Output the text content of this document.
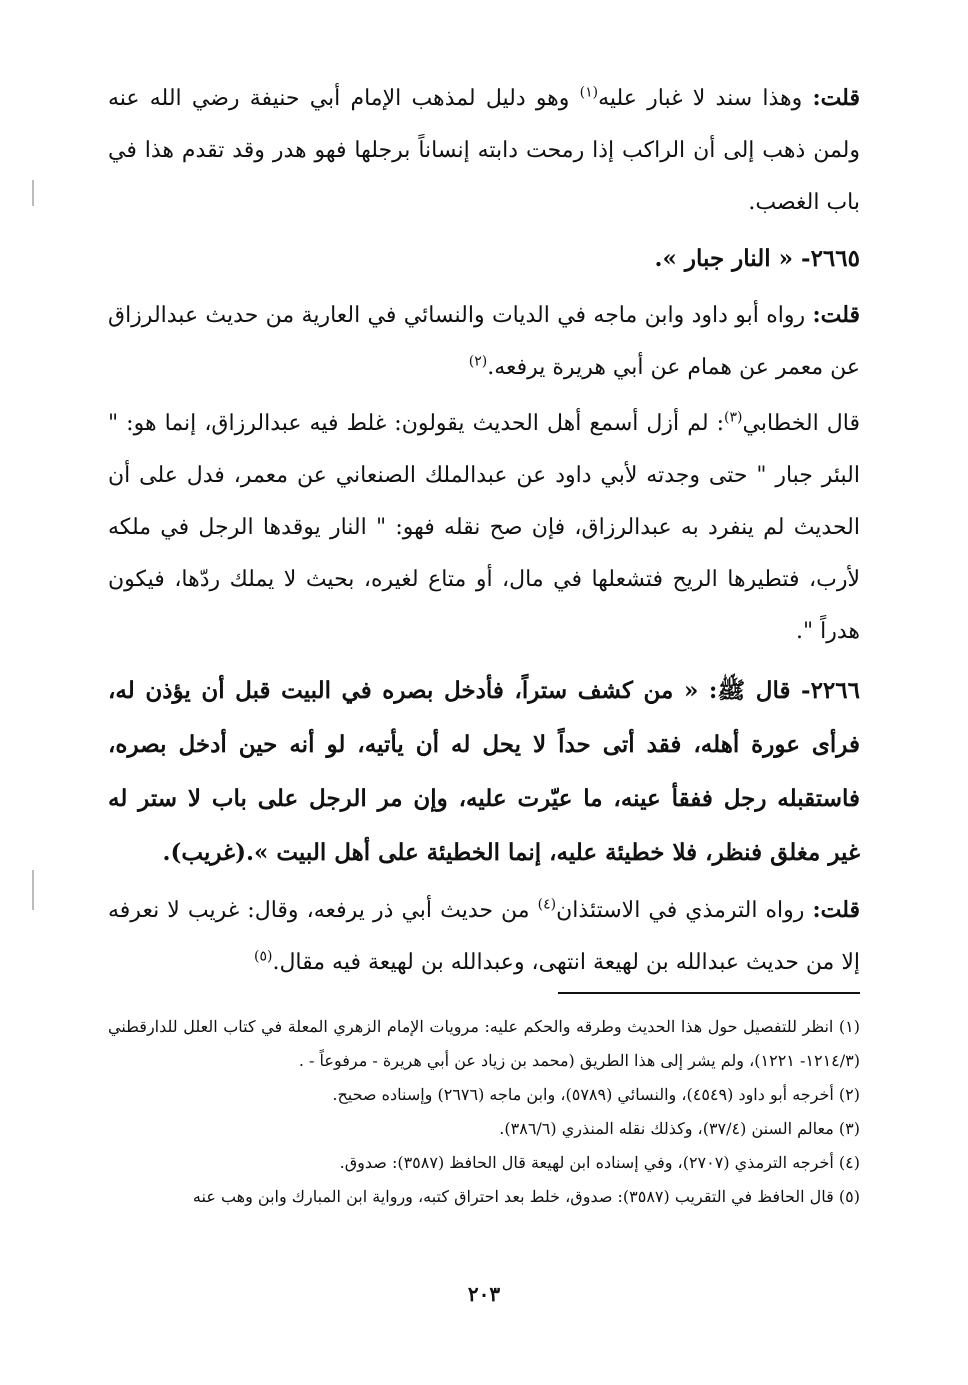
قلت: وهذا سند لا غبار عليه$^{(١)}$ وهو دليل لمذهب الإمام أبي حنيفة رضي الله عنه ولمن ذهب إلى أن الراكب إذا رمحت دابته إنساناً برجلها فهو هدر وقد تقدم هذا في باب الغصب.

٢٦٦٥- « النار جبار ».

قلت: رواه أبو داود وابن ماجه في الديات والنسائي في العارية من حديث عبدالرزاق عن معمر عن همام عن أبي هريرة يرفعه.$^{(٢)}$

قال الخطابي$^{(٣)}$: لم أزل أسمع أهل الحديث يقولون: غلط فيه عبدالرزاق، إنما هو: " البئر جبار " حتى وجدته لأبي داود عن عبدالملك الصنعاني عن معمر، فدل على أن الحديث لم ينفرد به عبدالرزاق، فإن صح نقله فهو: " النار يوقدها الرجل في ملكه لأرب، فتطيرها الريح فتشعلها في مال، أو متاع لغيره، بحيث لا يملك ردّها، فيكون هدراً ".

٢٢٦٦- قال ﷺ: « من كشف ستراً، فأدخل بصره في البيت قبل أن يؤذن له، فرأى عورة أهله، فقد أتى حداً لا يحل له أن يأتيه، لو أنه حين أدخل بصره، فاستقبله رجل ففقأ عينه، ما عيّرت عليه، وإن مر الرجل على باب لا ستر له غير مغلق فنظر، فلا خطيئة عليه، إنما الخطيئة على أهل البيت ».(غريب).

قلت: رواه الترمذي في الاستئذان$^{(٤)}$ من حديث أبي ذر يرفعه، وقال: غريب لا نعرفه إلا من حديث عبدالله بن لهيعة انتهى، وعبدالله بن لهيعة فيه مقال.$^{(٥)}$

(١) انظر للتفصيل حول هذا الحديث وطرقه والحكم عليه: مرويات الإمام الزهري المعلة في كتاب العلل للدارقطني (١٢١٤/٣- ١٢٢١)، ولم يشر إلى هذا الطريق (محمد بن زياد عن أبي هريرة - مرفوعاً - .

(٢) أخرجه أبو داود (٤٥٤٩)، والنسائي (٥٧٨٩)، وابن ماجه (٢٦٧٦) وإسناده صحيح.

(٣) معالم السنن (٣٧/٤)، وكذلك نقله المنذري (٣٨٦/٦).

(٤) أخرجه الترمذي (٢٧٠٧)، وفي إسناده ابن لهيعة قال الحافظ (٣٥٨٧): صدوق.

(٥) قال الحافظ في التقريب (٣٥٨٧): صدوق، خلط بعد احتراق كتبه، ورواية ابن المبارك وابن وهب عنه

٢٠٣
